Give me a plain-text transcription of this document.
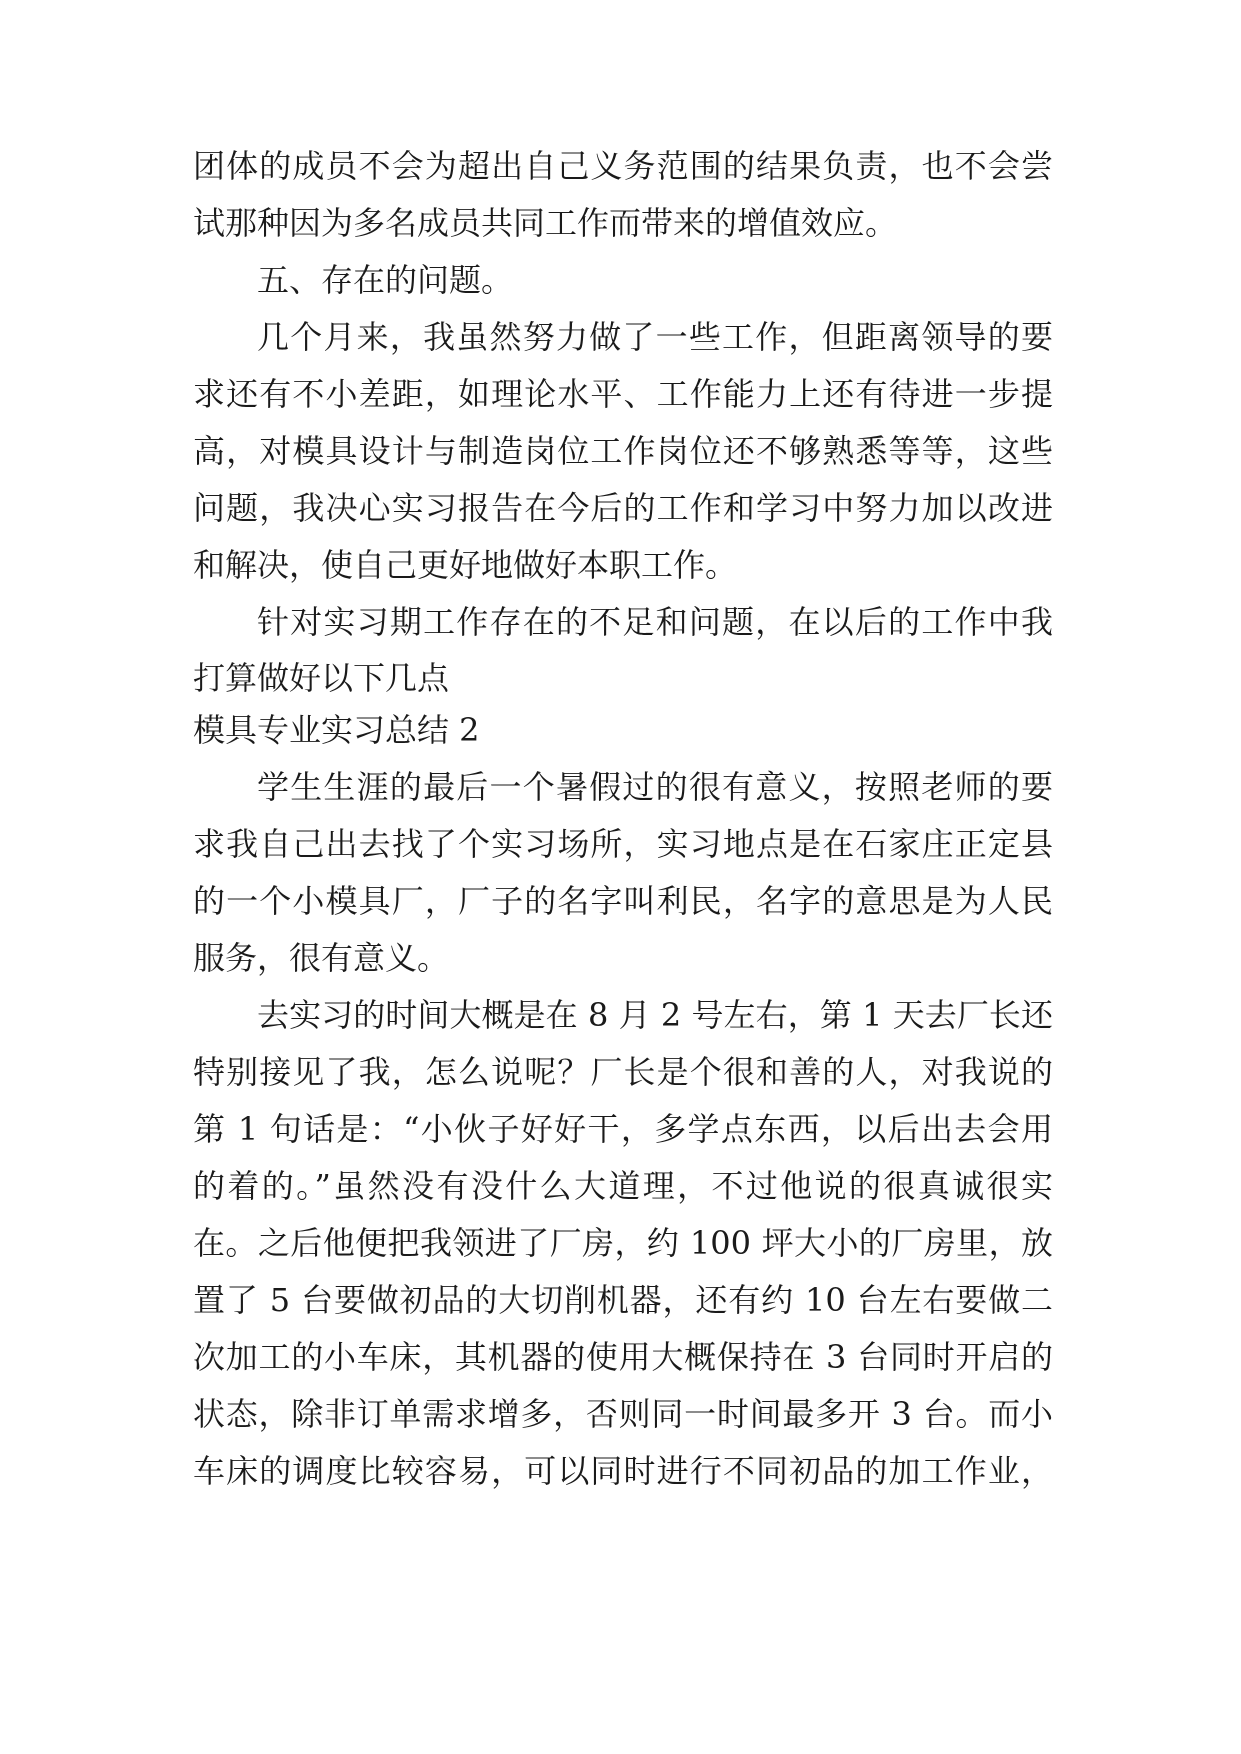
团体的成员不会为超出自己义务范围的结果负责，也不会尝
试那种因为多名成员共同工作而带来的增值效应。
五、存在的问题。
几个月来，我虽然努力做了一些工作，但距离领导的要
求还有不小差距，如理论水平、工作能力上还有待进一步提
高，对模具设计与制造岗位工作岗位还不够熟悉等等，这些
问题，我决心实习报告在今后的工作和学习中努力加以改进
和解决，使自己更好地做好本职工作。
针对实习期工作存在的不足和问题，在以后的工作中我
打算做好以下几点
模具专业实习总结 2
学生生涯的最后一个暑假过的很有意义，按照老师的要
求我自己出去找了个实习场所，实习地点是在石家庄正定县
的一个小模具厂，厂子的名字叫利民，名字的意思是为人民
服务，很有意义。
去实习的时间大概是在 8 月 2 号左右，第 1 天去厂长还
特别接见了我，怎么说呢？厂长是个很和善的人，对我说的
第 1 句话是：“小伙子好好干，多学点东西，以后出去会用
的着的。”虽然没有没什么大道理，不过他说的很真诚很实
在。之后他便把我领进了厂房，约 100 坪大小的厂房里，放
置了 5 台要做初品的大切削机器，还有约 10 台左右要做二
次加工的小车床，其机器的使用大概保持在 3 台同时开启的
状态，除非订单需求增多，否则同一时间最多开 3 台。而小
车床的调度比较容易，可以同时进行不同初品的加工作业，
